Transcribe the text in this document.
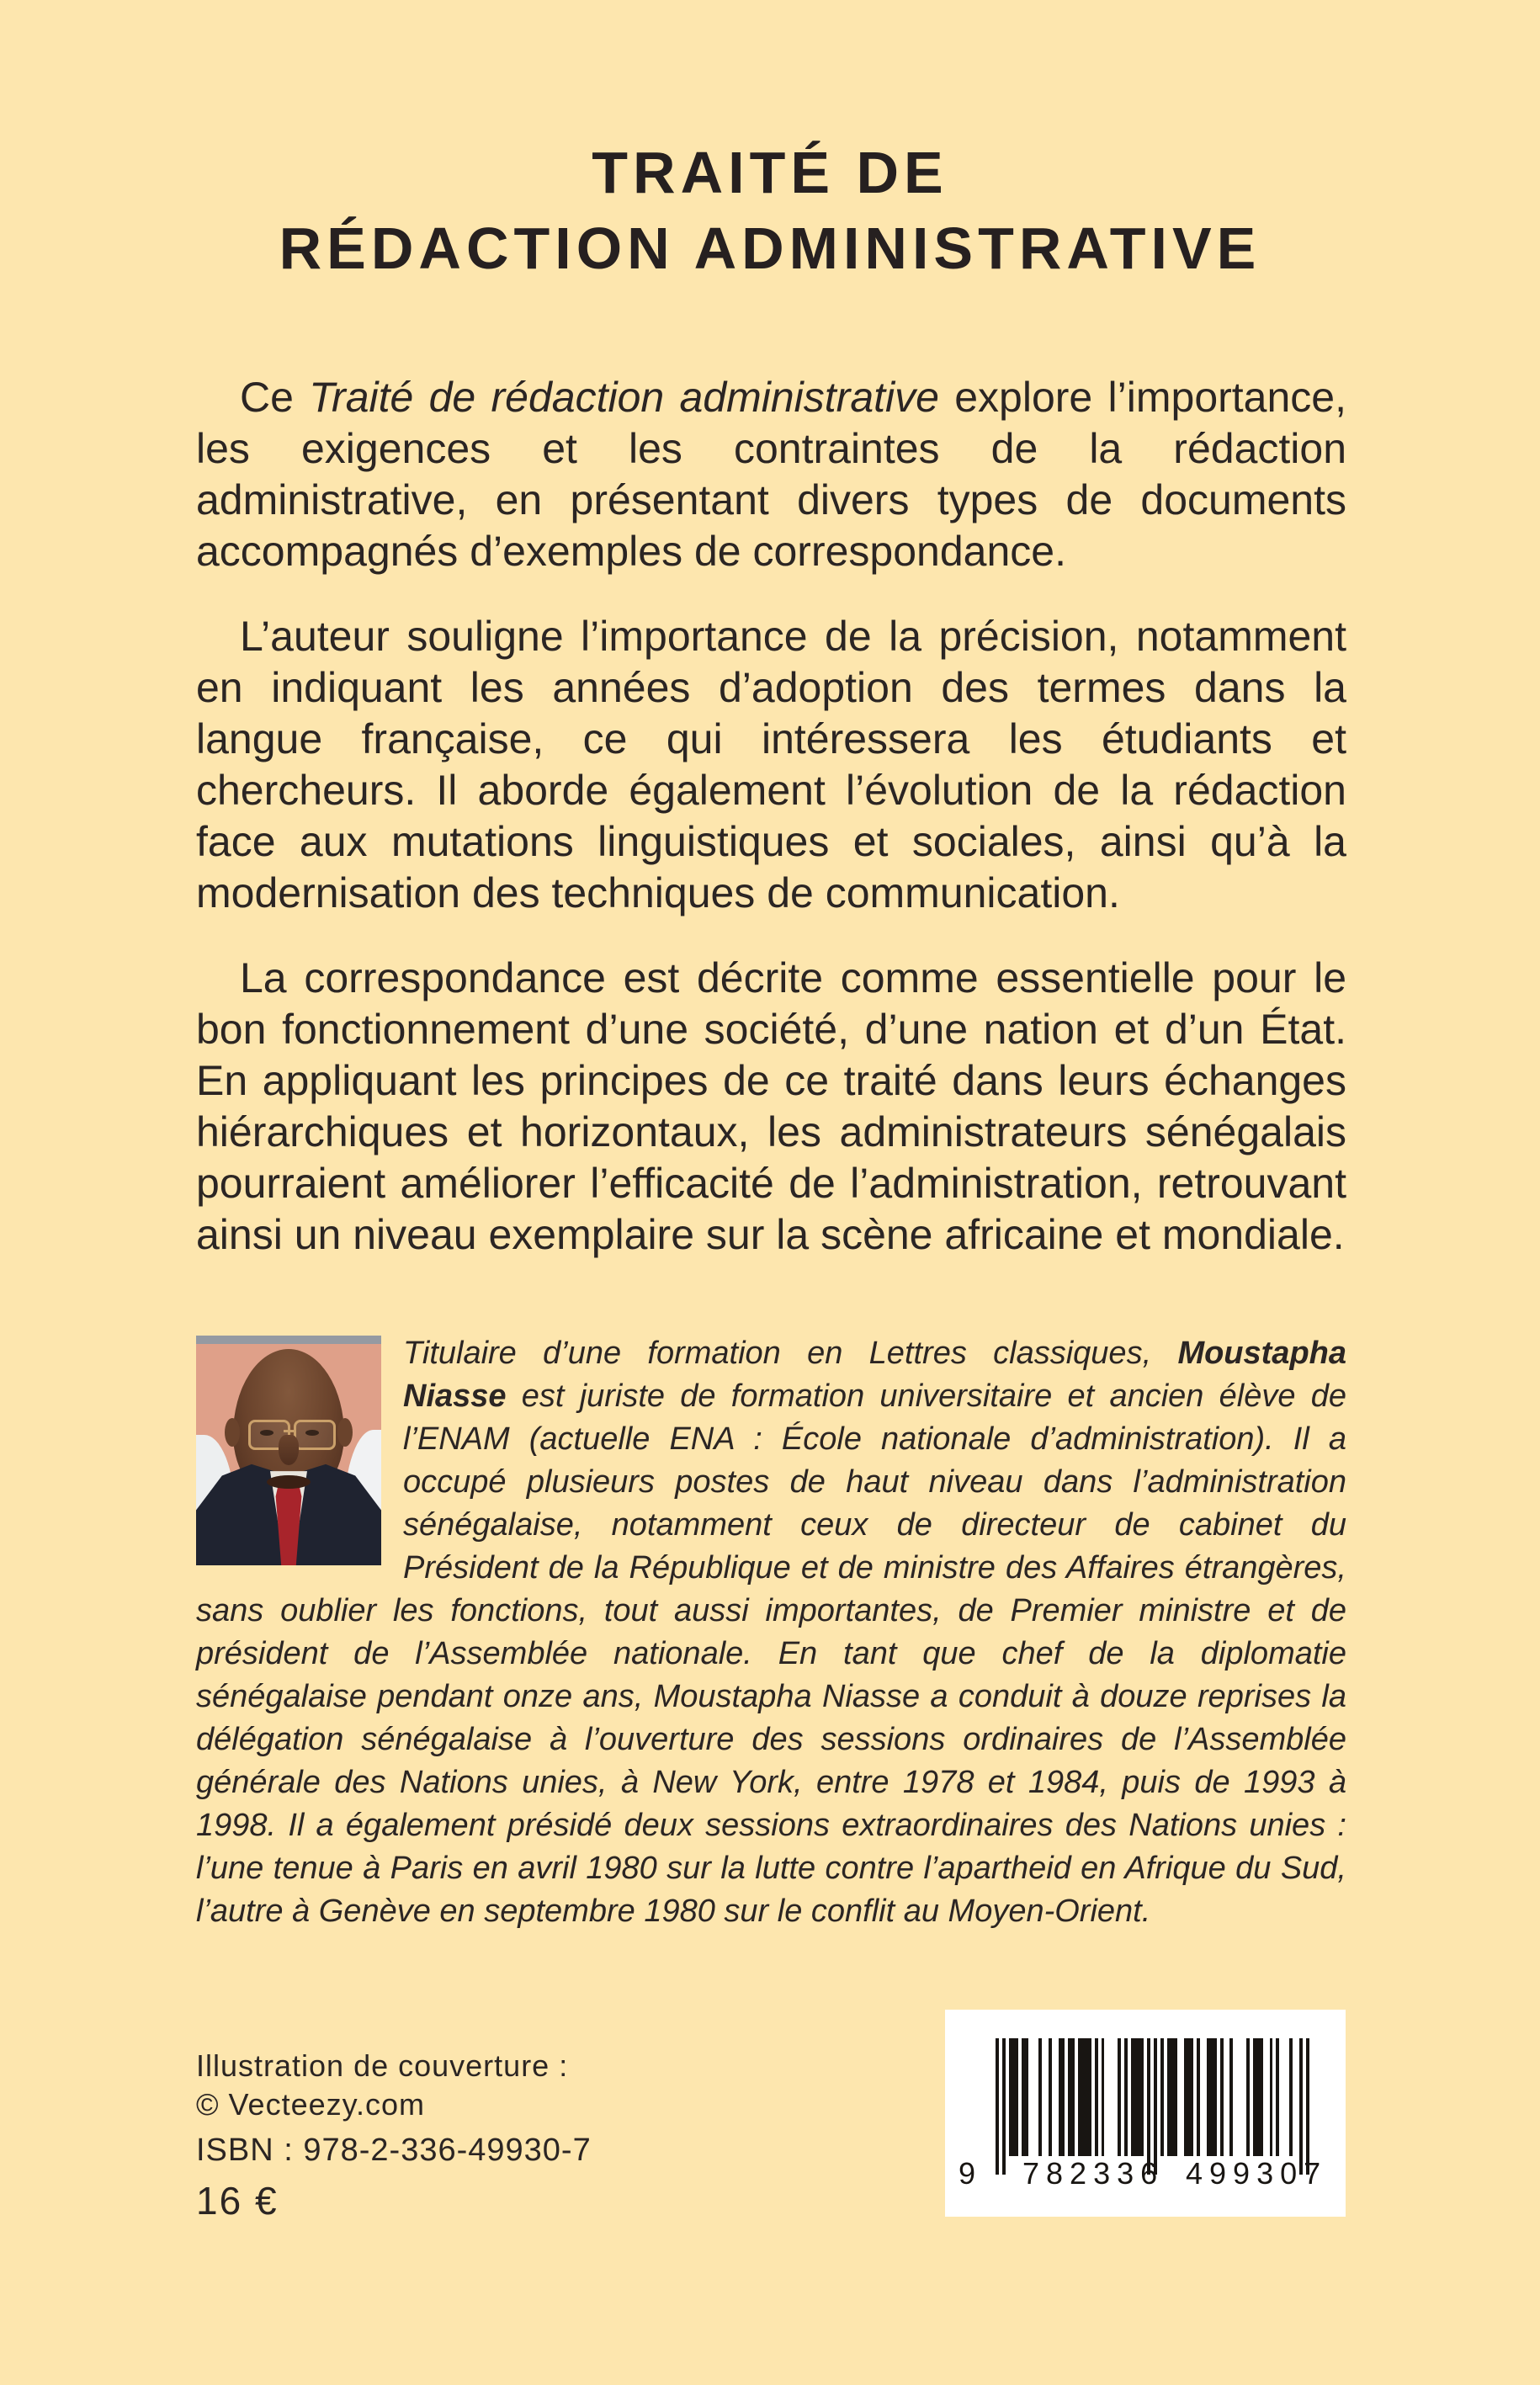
TRAITÉ DE
RÉDACTION ADMINISTRATIVE

Ce Traité de rédaction administrative explore l’importance, les exigences et les contraintes de la rédaction administrative, en présentant divers types de documents accompagnés d’exemples de correspondance.

L’auteur souligne l’importance de la précision, notamment en indiquant les années d’adoption des termes dans la langue française, ce qui intéressera les étudiants et chercheurs. Il aborde également l’évolution de la rédaction face aux mutations linguistiques et sociales, ainsi qu’à la modernisation des techniques de communication.

La correspondance est décrite comme essentielle pour le bon fonctionnement d’une société, d’une nation et d’un État. En appliquant les principes de ce traité dans leurs échanges hiérarchiques et horizontaux, les administrateurs sénégalais pourraient améliorer l’efficacité de l’administration, retrouvant ainsi un niveau exemplaire sur la scène africaine et mondiale.

Titulaire d’une formation en Lettres classiques, Moustapha Niasse est juriste de formation universitaire et ancien élève de l’ENAM (actuelle ENA : École nationale d’administration). Il a occupé plusieurs postes de haut niveau dans l’administration sénégalaise, notamment ceux de directeur de cabinet du Président de la République et de ministre des Affaires étrangères, sans oublier les fonctions, tout aussi importantes, de Premier ministre et de président de l’Assemblée nationale. En tant que chef de la diplomatie sénégalaise pendant onze ans, Moustapha Niasse a conduit à douze reprises la délégation sénégalaise à l’ouverture des sessions ordinaires de l’Assemblée générale des Nations unies, à New York, entre 1978 et 1984, puis de 1993 à 1998. Il a également présidé deux sessions extraordinaires des Nations unies : l’une tenue à Paris en avril 1980 sur la lutte contre l’apartheid en Afrique du Sud, l’autre à Genève en septembre 1980 sur le conflit au Moyen-Orient.
Illustration de couverture :
© Vecteezy.com
ISBN : 978-2-336-49930-7
16 €
9 782336 499307
